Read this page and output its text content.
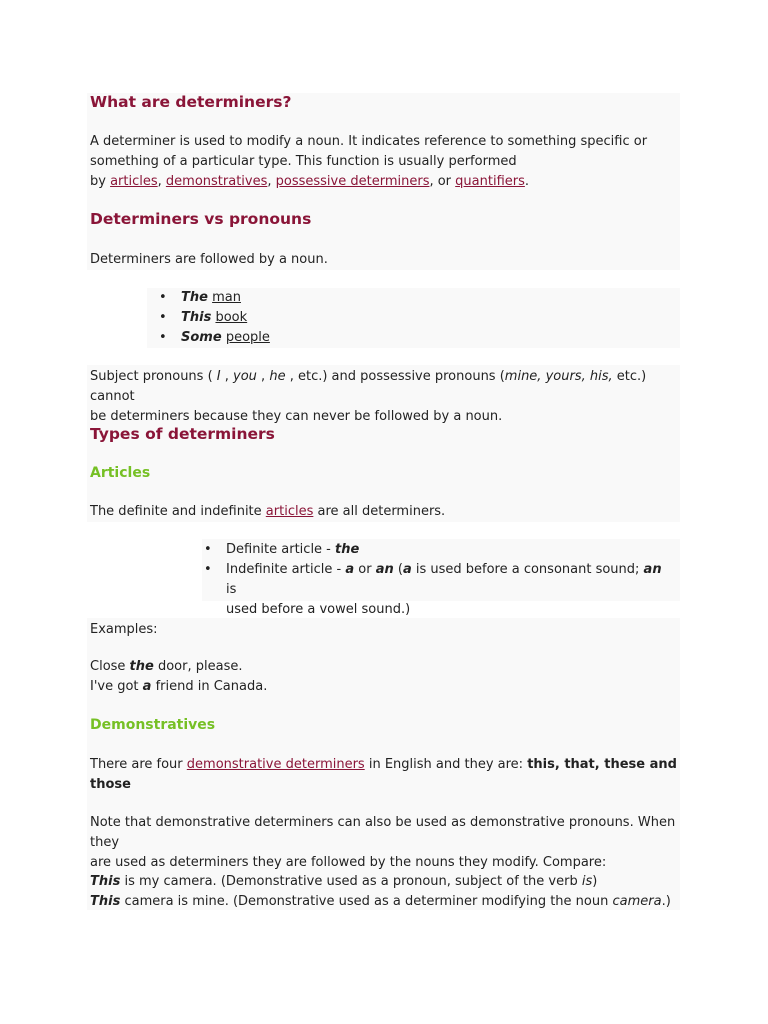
What are determiners?

A determiner is used to modify a noun. It indicates reference to something specific or
something of a particular type. This function is usually performed
by articles, demonstratives, possessive determiners, or quantifiers.

Determiners vs pronouns

Determiners are followed by a noun.

• The man
• This book
• Some people

Subject pronouns ( I , you , he , etc.) and possessive pronouns (mine, yours, his, etc.) cannot
be determiners because they can never be followed by a noun.

Types of determiners
Articles

The definite and indefinite articles are all determiners.

• Definite article - the
• Indefinite article - a or an (a is used before a consonant sound; an is
used before a vowel sound.)

Examples:

Close the door, please.
I've got a friend in Canada.

Demonstratives

There are four demonstrative determiners in English and they are: this, that, these and
those

Note that demonstrative determiners can also be used as demonstrative pronouns. When they
are used as determiners they are followed by the nouns they modify. Compare:

This is my camera. (Demonstrative used as a pronoun, subject of the verb is)
This camera is mine. (Demonstrative used as a determiner modifying the noun camera.)
